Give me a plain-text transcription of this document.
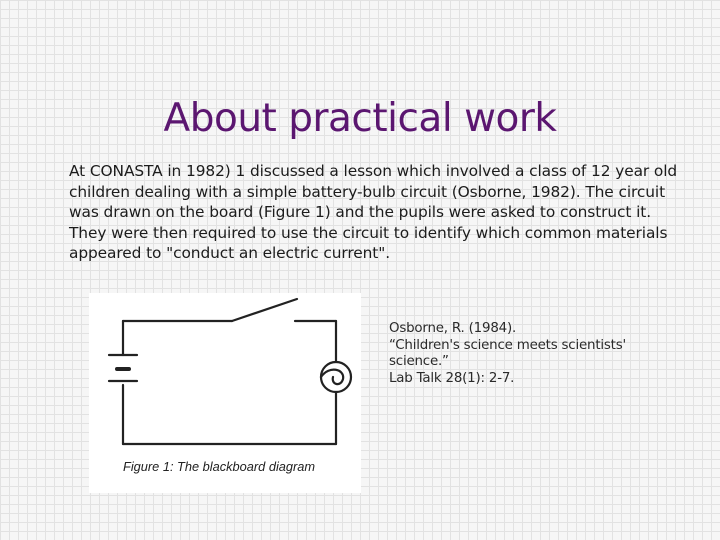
About practical work
At CONASTA in 1982) 1 discussed a lesson which involved a class of 12 year old children dealing with a simple battery-bulb circuit (Osborne, 1982). The circuit was drawn on the board (Figure 1) and the pupils were asked to construct it. They were then required to use the circuit to identify which common materials appeared to "conduct an electric current".
Figure 1: The blackboard diagram
Osborne, R. (1984).
“Children's science meets scientists'
science.”
Lab Talk 28(1): 2-7.
